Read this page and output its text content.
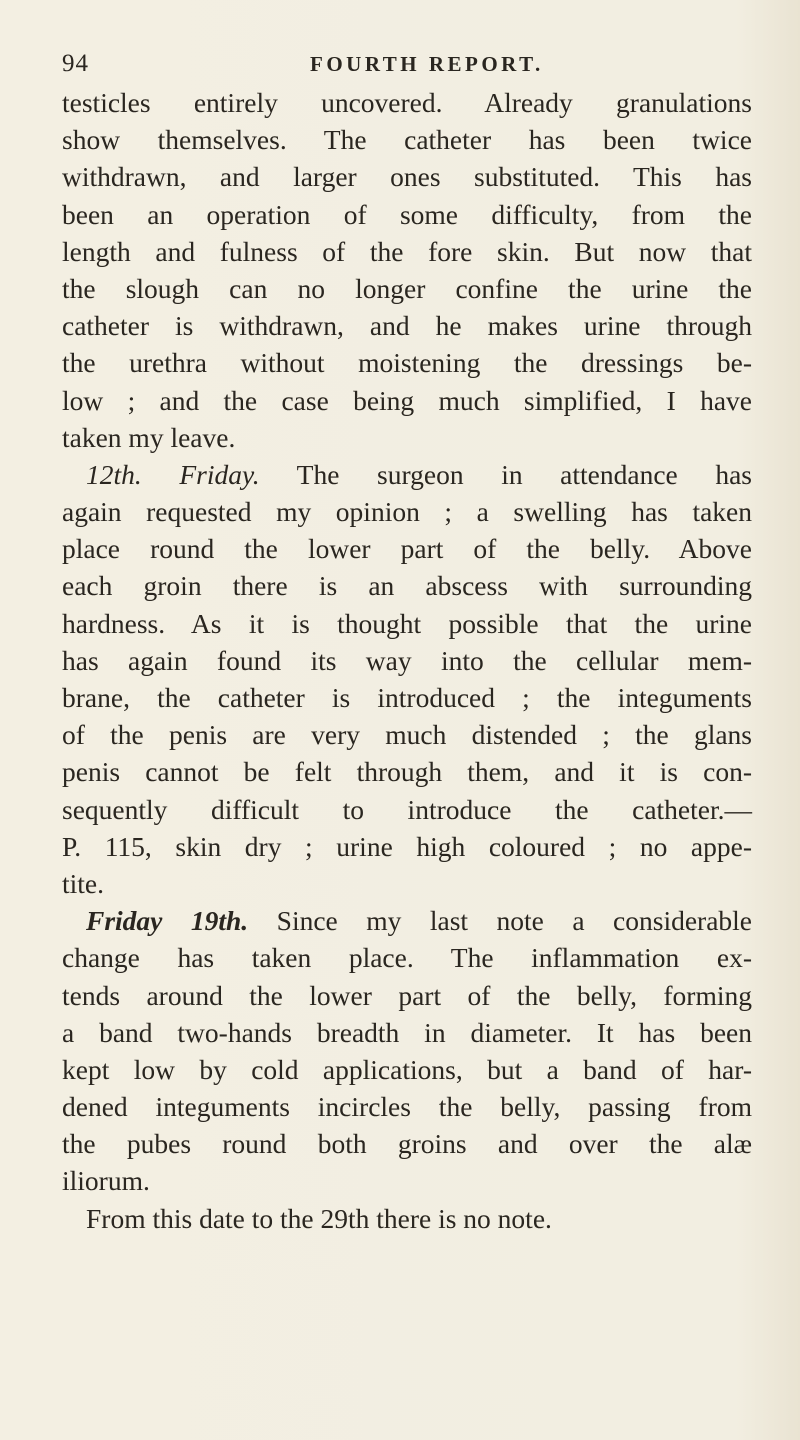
94	FOURTH REPORT.
testicles entirely uncovered. Already granulations
show themselves. The catheter has been twice
withdrawn, and larger ones substituted. This has
been an operation of some difficulty, from the
length and fulness of the fore skin. But now that
the slough can no longer confine the urine the
catheter is withdrawn, and he makes urine through
the urethra without moistening the dressings be-
low ; and the case being much simplified, I have
taken my leave.
12th. Friday. The surgeon in attendance has
again requested my opinion ; a swelling has taken
place round the lower part of the belly. Above
each groin there is an abscess with surrounding
hardness. As it is thought possible that the urine
has again found its way into the cellular mem-
brane, the catheter is introduced ; the integuments
of the penis are very much distended ; the glans
penis cannot be felt through them, and it is con-
sequently difficult to introduce the catheter.—
P. 115, skin dry ; urine high coloured ; no appe-
tite.
Friday 19th. Since my last note a considerable
change has taken place. The inflammation ex-
tends around the lower part of the belly, forming
a band two-hands breadth in diameter. It has been
kept low by cold applications, but a band of har-
dened integuments incircles the belly, passing from
the pubes round both groins and over the alæ
iliorum.
From this date to the 29th there is no note.
